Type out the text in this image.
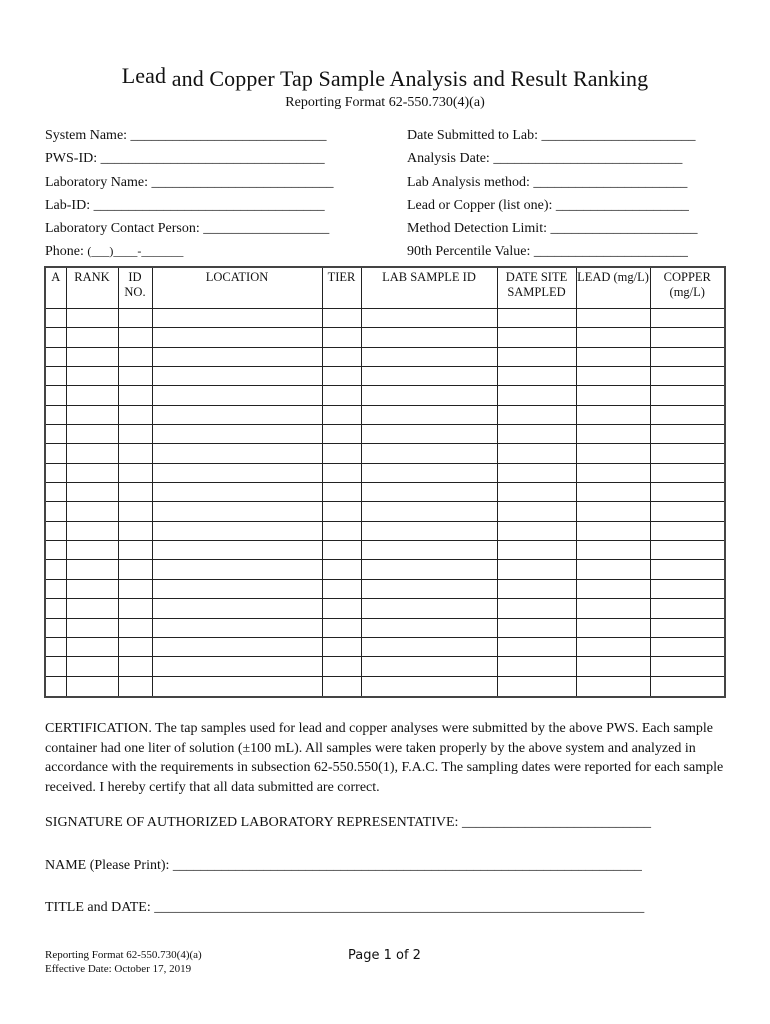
Lead and Copper Tap Sample Analysis and Result Ranking
Reporting Format 62-550.730(4)(a)
System Name: ____________________________
PWS-ID: ________________________________
Laboratory Name: __________________________
Lab-ID: _________________________________
Laboratory Contact Person: __________________
Phone: (___)____-_______
Date Submitted to Lab: ______________________
Analysis Date: ___________________________
Lab Analysis method: ______________________
Lead or Copper (list one): ___________________
Method Detection Limit: _____________________
90th Percentile Value: ______________________
A	RANK	ID NO.	LOCATION	TIER	LAB SAMPLE ID	DATE SITE SAMPLED	LEAD (mg/L)	COPPER (mg/L)

CERTIFICATION. The tap samples used for lead and copper analyses were submitted by the above PWS. Each sample container had one liter of solution (±100 mL). All samples were taken properly by the above system and analyzed in accordance with the requirements in subsection 62-550.550(1), F.A.C. The sampling dates were reported for each sample received. I hereby certify that all data submitted are correct.
SIGNATURE OF AUTHORIZED LABORATORY REPRESENTATIVE: ___________________________
NAME (Please Print): ___________________________________________________________________
TITLE and DATE: ______________________________________________________________________
Reporting Format 62-550.730(4)(a)
Effective Date: October 17, 2019
Page 1 of 2
